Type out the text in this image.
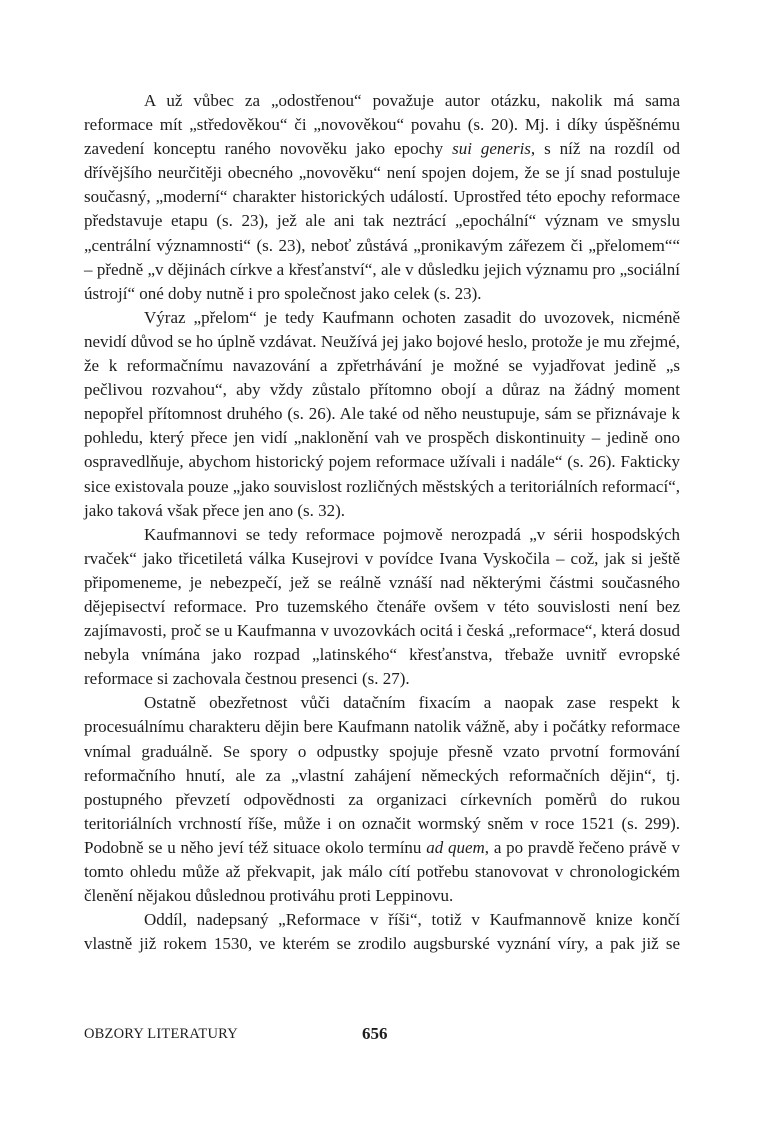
A už vůbec za „odostřenou“ považuje autor otázku, nakolik má sama reformace mít „středověkou“ či „novověkou“ povahu (s. 20). Mj. i díky úspěšnému zavedení konceptu raného novověku jako epochy sui generis, s níž na rozdíl od dřívějšího neurčitěji obecného „novověku“ není spojen dojem, že se jí snad postuluje současný, „moderní“ charakter historických událostí. Uprostřed této epochy reformace představuje etapu (s. 23), jež ale ani tak neztrácí „epochální“ význam ve smyslu „centrální významnosti“ (s. 23), neboť zůstává „pronikavým zářezem či „přelomem““ – předně „v dějinách církve a křesťanství“, ale v důsledku jejich významu pro „sociální ústrojí“ oné doby nutně i pro společnost jako celek (s. 23).

Výraz „přelom“ je tedy Kaufmann ochoten zasadit do uvozovek, nicméně nevidí důvod se ho úplně vzdávat. Neužívá jej jako bojové heslo, protože je mu zřejmé, že k reformačnímu navazování a zpřetrhávání je možné se vyjadřovat jedině „s pečlivou rozvahou“, aby vždy zůstalo přítomno obojí a důraz na žádný moment nepopřel přítomnost druhého (s. 26). Ale také od něho neustupuje, sám se přiznávaje k pohledu, který přece jen vidí „naklonění vah ve prospěch diskontinuity – jedině ono ospravedlňuje, abychom historický pojem reformace užívali i nadále“ (s. 26). Fakticky sice existovala pouze „jako souvislost rozličných městských a teritoriálních reformací“, jako taková však přece jen ano (s. 32).

Kaufmannovi se tedy reformace pojmově nerozpadá „v sérii hospodských rvaček“ jako třicetiletá válka Kusejrovi v povídce Ivana Vyskočila – což, jak si ještě připomeneme, je nebezpečí, jež se reálně vznáší nad některými částmi současného dějepisectví reformace. Pro tuzemského čtenáře ovšem v této souvislosti není bez zajímavosti, proč se u Kaufmanna v uvozovkách ocitá i česká „reformace“, která dosud nebyla vnímána jako rozpad „latinského“ křesťanstva, třebaže uvnitř evropské reformace si zachovala čestnou presenci (s. 27).

Ostatně obezřetnost vůči datačním fixacím a naopak zase respekt k procesuálnímu charakteru dějin bere Kaufmann natolik vážně, aby i počátky reformace vnímal graduálně. Se spory o odpustky spojuje přesně vzato prvotní formování reformačního hnutí, ale za „vlastní zahájení německých reformačních dějin“, tj. postupného převzetí odpovědnosti za organizaci církevních poměrů do rukou teritoriálních vrchností říše, může i on označit wormský sněm v roce 1521 (s. 299). Podobně se u něho jeví též situace okolo termínu ad quem, a po pravdě řečeno právě v tomto ohledu může až překvapit, jak málo cítí potřebu stanovovat v chronologickém členění nějakou důslednou protiváhu proti Leppinovu.

Oddíl, nadepsaný „Reformace v říši“, totiž v Kaufmannově knize končí vlastně již rokem 1530, ve kterém se zrodilo augsburské vyznání víry, a pak již se

OBZORY LITERATURY	656
